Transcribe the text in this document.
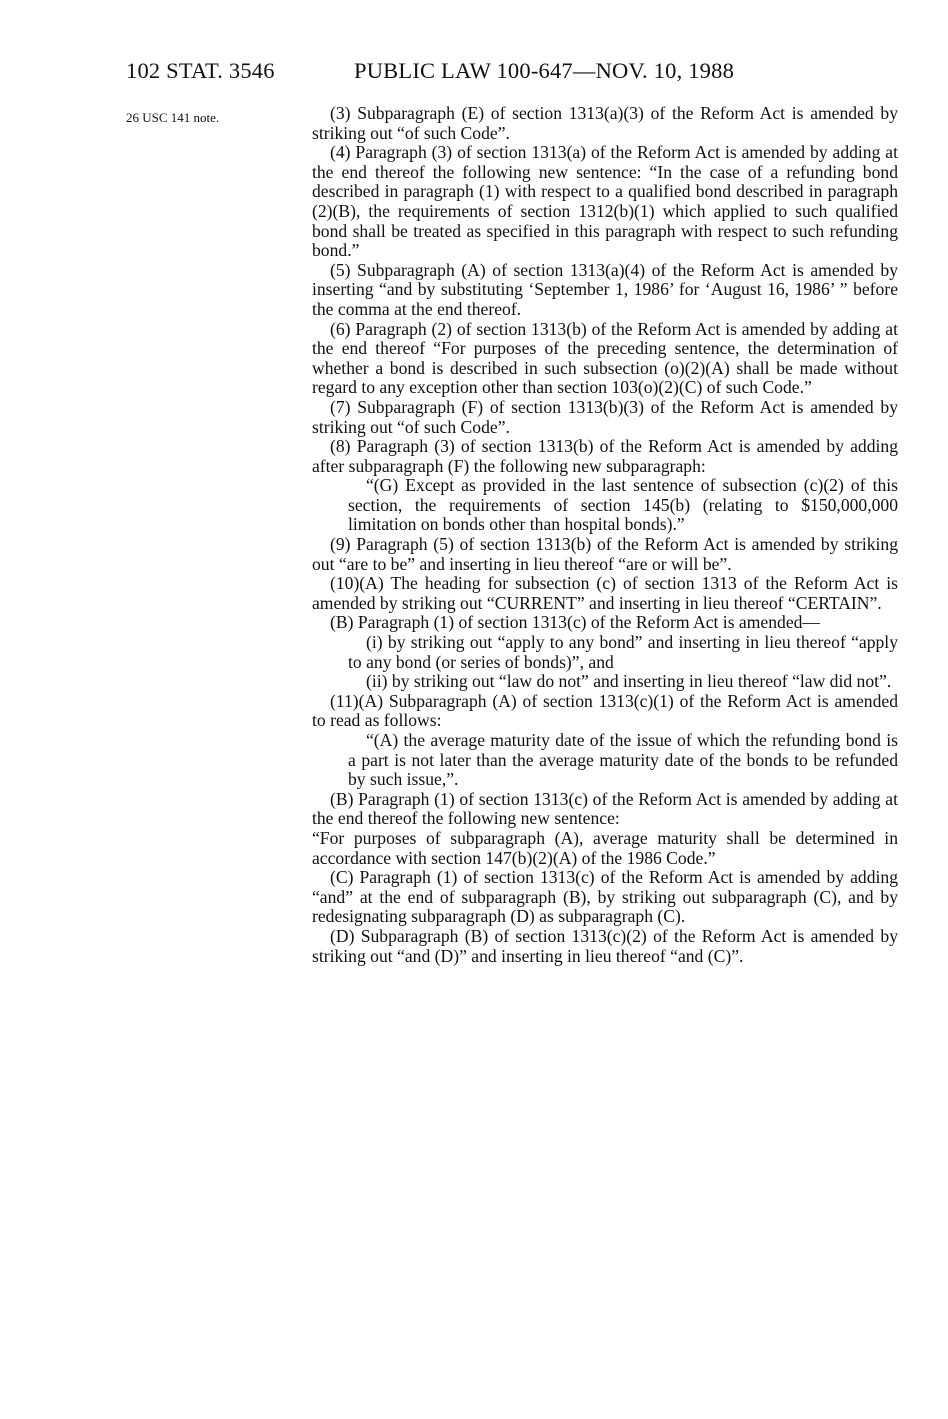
102 STAT. 3546	PUBLIC LAW 100-647—NOV. 10, 1988
26 USC 141 note.	(3) Subparagraph (E) of section 1313(a)(3) of the Reform Act is amended by striking out “of such Code”.

(4) Paragraph (3) of section 1313(a) of the Reform Act is amended by adding at the end thereof the following new sentence: “In the case of a refunding bond described in paragraph (1) with respect to a qualified bond described in paragraph (2)(B), the requirements of section 1312(b)(1) which applied to such qualified bond shall be treated as specified in this paragraph with respect to such refunding bond.”

(5) Subparagraph (A) of section 1313(a)(4) of the Reform Act is amended by inserting “and by substituting ‘September 1, 1986’ for ‘August 16, 1986’ ” before the comma at the end thereof.

(6) Paragraph (2) of section 1313(b) of the Reform Act is amended by adding at the end thereof “For purposes of the preceding sentence, the determination of whether a bond is described in such subsection (o)(2)(A) shall be made without regard to any exception other than section 103(o)(2)(C) of such Code.”

(7) Subparagraph (F) of section 1313(b)(3) of the Reform Act is amended by striking out “of such Code”.

(8) Paragraph (3) of section 1313(b) of the Reform Act is amended by adding after subparagraph (F) the following new subparagraph:

“(G) Except as provided in the last sentence of subsection (c)(2) of this section, the requirements of section 145(b) (relating to $150,000,000 limitation on bonds other than hospital bonds).”

(9) Paragraph (5) of section 1313(b) of the Reform Act is amended by striking out “are to be” and inserting in lieu thereof “are or will be”.

(10)(A) The heading for subsection (c) of section 1313 of the Reform Act is amended by striking out “CURRENT” and inserting in lieu thereof “CERTAIN”.

(B) Paragraph (1) of section 1313(c) of the Reform Act is amended—

(i) by striking out “apply to any bond” and inserting in lieu thereof “apply to any bond (or series of bonds)”, and

(ii) by striking out “law do not” and inserting in lieu thereof “law did not”.

(11)(A) Subparagraph (A) of section 1313(c)(1) of the Reform Act is amended to read as follows:

“(A) the average maturity date of the issue of which the refunding bond is a part is not later than the average maturity date of the bonds to be refunded by such issue,”.

(B) Paragraph (1) of section 1313(c) of the Reform Act is amended by adding at the end thereof the following new sentence:

“For purposes of subparagraph (A), average maturity shall be determined in accordance with section 147(b)(2)(A) of the 1986 Code.”

(C) Paragraph (1) of section 1313(c) of the Reform Act is amended by adding “and” at the end of subparagraph (B), by striking out subparagraph (C), and by redesignating subparagraph (D) as subparagraph (C).

(D) Subparagraph (B) of section 1313(c)(2) of the Reform Act is amended by striking out “and (D)” and inserting in lieu thereof “and (C)”.
